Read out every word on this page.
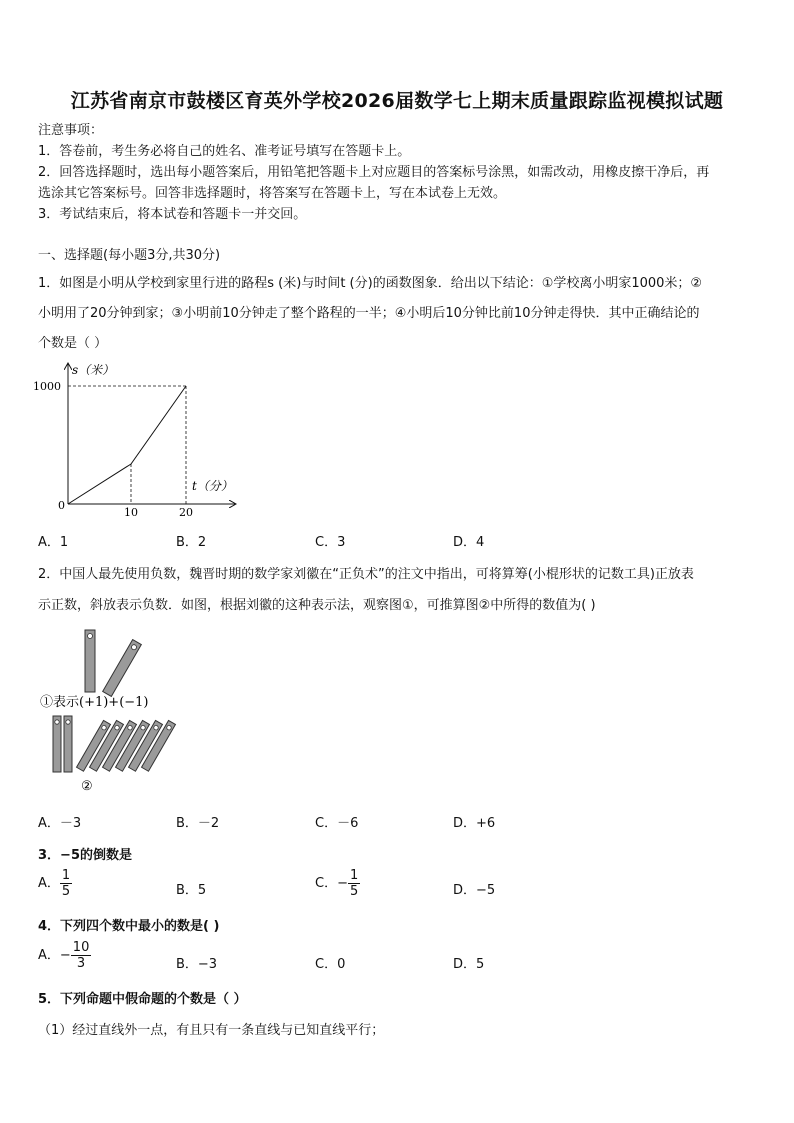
江苏省南京市鼓楼区育英外学校2026届数学七上期末质量跟踪监视模拟试题
注意事项：
1．答卷前，考生务必将自己的姓名、准考证号填写在答题卡上。
2．回答选择题时，选出每小题答案后，用铅笔把答题卡上对应题目的答案标号涂黑，如需改动，用橡皮擦干净后，再
选涂其它答案标号。回答非选择题时，将答案写在答题卡上，写在本试卷上无效。
3．考试结束后，将本试卷和答题卡一并交回。
一、选择题(每小题3分,共30分)
1．如图是小明从学校到家里行进的路程s (米)与时间t (分)的函数图象．给出以下结论：①学校离小明家1000米；②
小明用了20分钟到家；③小明前10分钟走了整个路程的一半；④小明后10分钟比前10分钟走得快．其中正确结论的
个数是（ ）
s（米）
1000
0
10	20
t（分）
A．1	B．2	C．3	D．4
2．中国人最先使用负数，魏晋时期的数学家刘徽在“正负术”的注文中指出，可将算筹(小棍形状的记数工具)正放表
示正数，斜放表示负数．如图，根据刘徽的这种表示法，观察图①，可推算图②中所得的数值为( )
①表示(+1)+(−1)
②
A．－3	B．－2	C．－6	D．+6
3．−5的倒数是
A． $\frac{1}{5}$	B．5	C．− $\frac{1}{5}$	D．−5
4．下列四个数中最小的数是( )
A．− $\frac{10}{3}$	B．−3	C．0	D．5
5．下列命题中假命题的个数是（ ）
（1）经过直线外一点，有且只有一条直线与已知直线平行；
